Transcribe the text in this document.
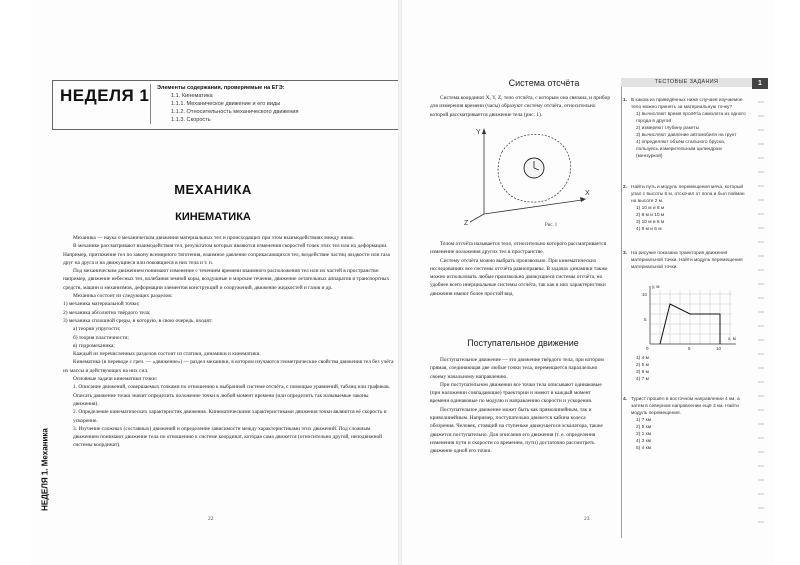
НЕДЕЛЯ 1 Элементы содержания, проверяемые на ЕГЭ:
1.1. Кинематика
1.1.1. Механическое движение и его виды
1.1.2. Относительность механического движения
1.1.3. Скорость
МЕХАНИКА
КИНЕМАТИКА

Механика — наука о механическом движении материальных тел и происходящих при этом взаимодействиях между ними.

В механике рассматривают взаимодействия тел, результатом которых являются изменения скоростей точек этих тел или их деформации. Например, притяжение тел по закону всемирного тяготения, взаимное давление соприкасающихся тел, воздействие частиц жидкости или газа друг на друга и на движущиеся или покоящиеся в них тела и т. п.

Под механическим движением понимают изменение с течением времени взаимного расположения тел или их частей в пространстве: например, движение небесных тел, колебания земной коры, воздушные и морские течения, движение летательных аппаратов и транспортных средств, машин и механизмов, деформации элементов конструкций и сооружений, движение жидкостей и газов и др.

Механика состоит из следующих разделов:

1) механика материальной точки;

2) механика абсолютно твёрдого тела;

3) механика сплошной среды, в которую, в свою очередь, входят:

а) теория упругости;

б) теория пластичности;

в) гидромеханика;

Каждый из перечисленных разделов состоит из статики, динамики и кинематики.

Кинематика (в переводе с греч. — «движение») — раздел механики, в котором изучаются геометрические свойства движения тел без учёта их массы и действующих на них сил.

Основные задачи кинематики точки:

1. Описание движений, совершаемых точками по отношению к выбранной системе отсчёта, с помощью уравнений, таблиц или графиков. Описать движение точки значит определить положение точки в любой момент времени (или определить так называемые законы движения).

2. Определение кинематических характеристик движения. Кинематическими характеристиками движения точки являются её скорость и ускорение.

3. Изучение сложных (составных) движений и определение зависимости между характеристиками этих движений. Под сложным движением понимают движение тела по отношению к системе координат, которая сама движется (относительно другой, неподвижной системы координат).

НЕДЕЛЯ 1. Механика
22
Система отсчёта
23

Система координат X, Y, Z, тело отсчёта, с которым она связана, и прибор для измерения времени (часы) образуют систему отсчёта, относительно которой рассматривается движение тела (рис. 1).

Y
X
Z	Рис. 1

Телом отсчёта называется тело, относительно которого рассматривается изменение положения других тел в пространстве.

Систему отсчёта можно выбрать произвольно. При кинематических исследованиях все системы отсчёта равноправны. В задачах динамики также можно использовать любые произвольно движущиеся системы отсчёта, но удобнее всего инерциальные системы отсчёта, так как в них характеристики движения имеют более простой вид.

Поступательное движение

Поступательное движение — это движение твёрдого тела, при котором прямая, соединяющая две любые точки тела, перемещается параллельно своему начальному направлению.

При поступательном движении все точки тела описывают одинаковые (при наложении совпадающие) траектории и имеют в каждый момент времени одинаковые по модулю и направлению скорости и ускорения.

Поступательное движение может быть как прямолинейным, так и криволинейным. Например, поступательно движется кабина колеса обозрения. Человек, стоящий на ступеньке движущегося эскалатора, также движется поступательно. Для описания его движения (т. е. определения изменения пути и скорости со временем, пути) достаточно рассмотреть движение одной его точки.

ТЕСТОВЫЕ ЗАДАНИЯ	1
1. В каком из приведённых ниже случаев изучаемое тело можно принять за материальную точку?
1) вычисляют время пролёта самолета из одного города в другой
2) измеряют глубину ракеты
3) вычисляют давление автомобиля на грунт
4) определяют объём стального бруска, пользуясь измерительным цилиндром (мензуркой)
2. Найти путь и модуль перемещения мяча, который упал с высоты 6 м, отскочил от пола и был пойман на высоте 2 м.
1) 10 м и 8 м
2) 8 м и 10 м
3) 10 м и 8 м
4) 8 м и 6 м
3. На рисунке показана траектория движения материальной точки. Найти модуль перемещения материальной точки.
10
5
0	5	10
x, м
y, м
1) 4 м
2) 5 м
3) 6 м
4) 7 м
4. Турист прошёл в восточном направлении 4 км, а затем в северном направлении ещё 3 км. Найти модуль перемещения.
1) 7 км
2) 5 км
3) 1 км
4) 3 км
5) 4 км
